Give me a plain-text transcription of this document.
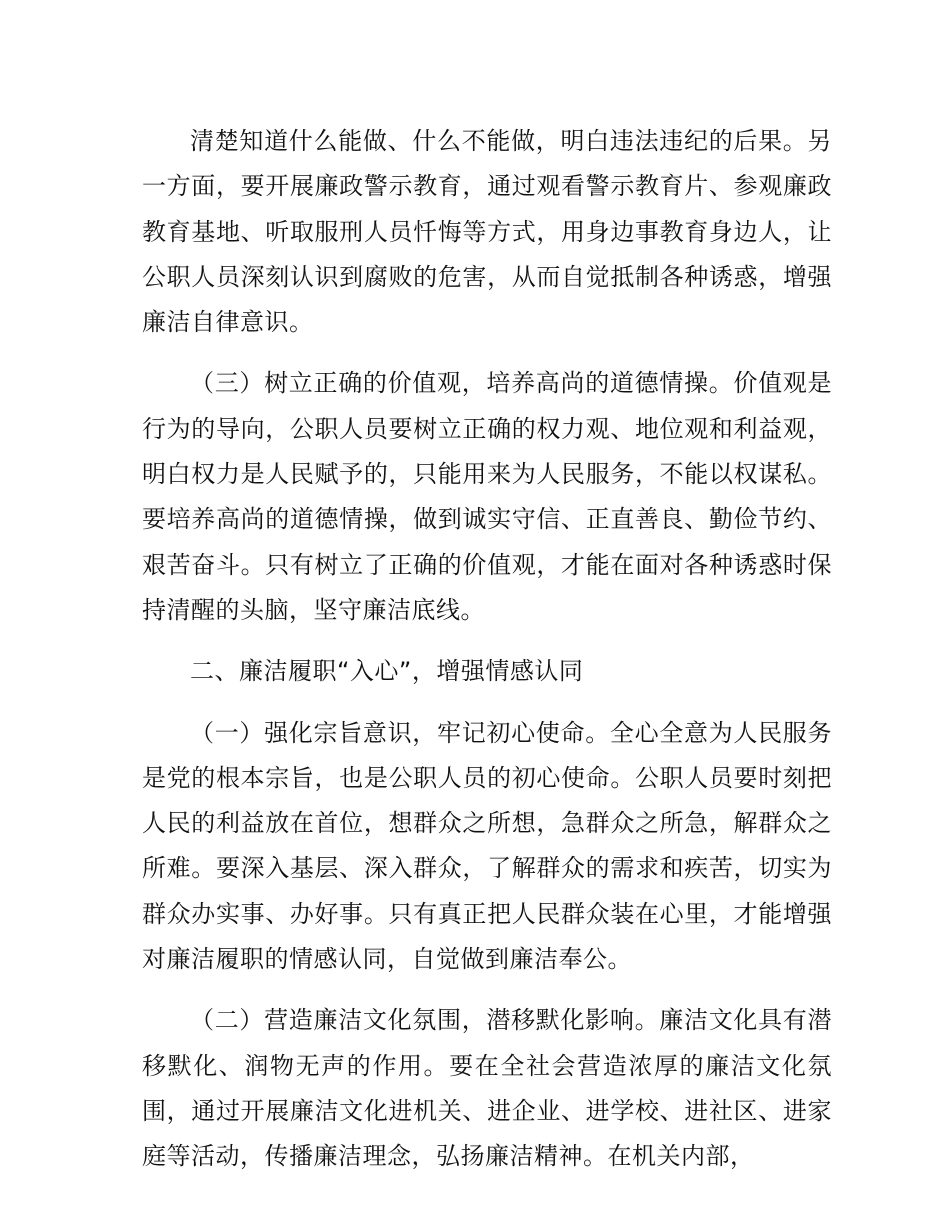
清楚知道什么能做、什么不能做，明白违法违纪的后果。另一方面，要开展廉政警示教育，通过观看警示教育片、参观廉政教育基地、听取服刑人员忏悔等方式，用身边事教育身边人，让公职人员深刻认识到腐败的危害，从而自觉抵制各种诱惑，增强廉洁自律意识。

（三）树立正确的价值观，培养高尚的道德情操。价值观是行为的导向，公职人员要树立正确的权力观、地位观和利益观，明白权力是人民赋予的，只能用来为人民服务，不能以权谋私。要培养高尚的道德情操，做到诚实守信、正直善良、勤俭节约、艰苦奋斗。只有树立了正确的价值观，才能在面对各种诱惑时保持清醒的头脑，坚守廉洁底线。

二、廉洁履职“入心”，增强情感认同

（一）强化宗旨意识，牢记初心使命。全心全意为人民服务是党的根本宗旨，也是公职人员的初心使命。公职人员要时刻把人民的利益放在首位，想群众之所想，急群众之所急，解群众之所难。要深入基层、深入群众，了解群众的需求和疾苦，切实为群众办实事、办好事。只有真正把人民群众装在心里，才能增强对廉洁履职的情感认同，自觉做到廉洁奉公。

（二）营造廉洁文化氛围，潜移默化影响。廉洁文化具有潜移默化、润物无声的作用。要在全社会营造浓厚的廉洁文化氛围，通过开展廉洁文化进机关、进企业、进学校、进社区、进家庭等活动，传播廉洁理念，弘扬廉洁精神。在机关内部，
